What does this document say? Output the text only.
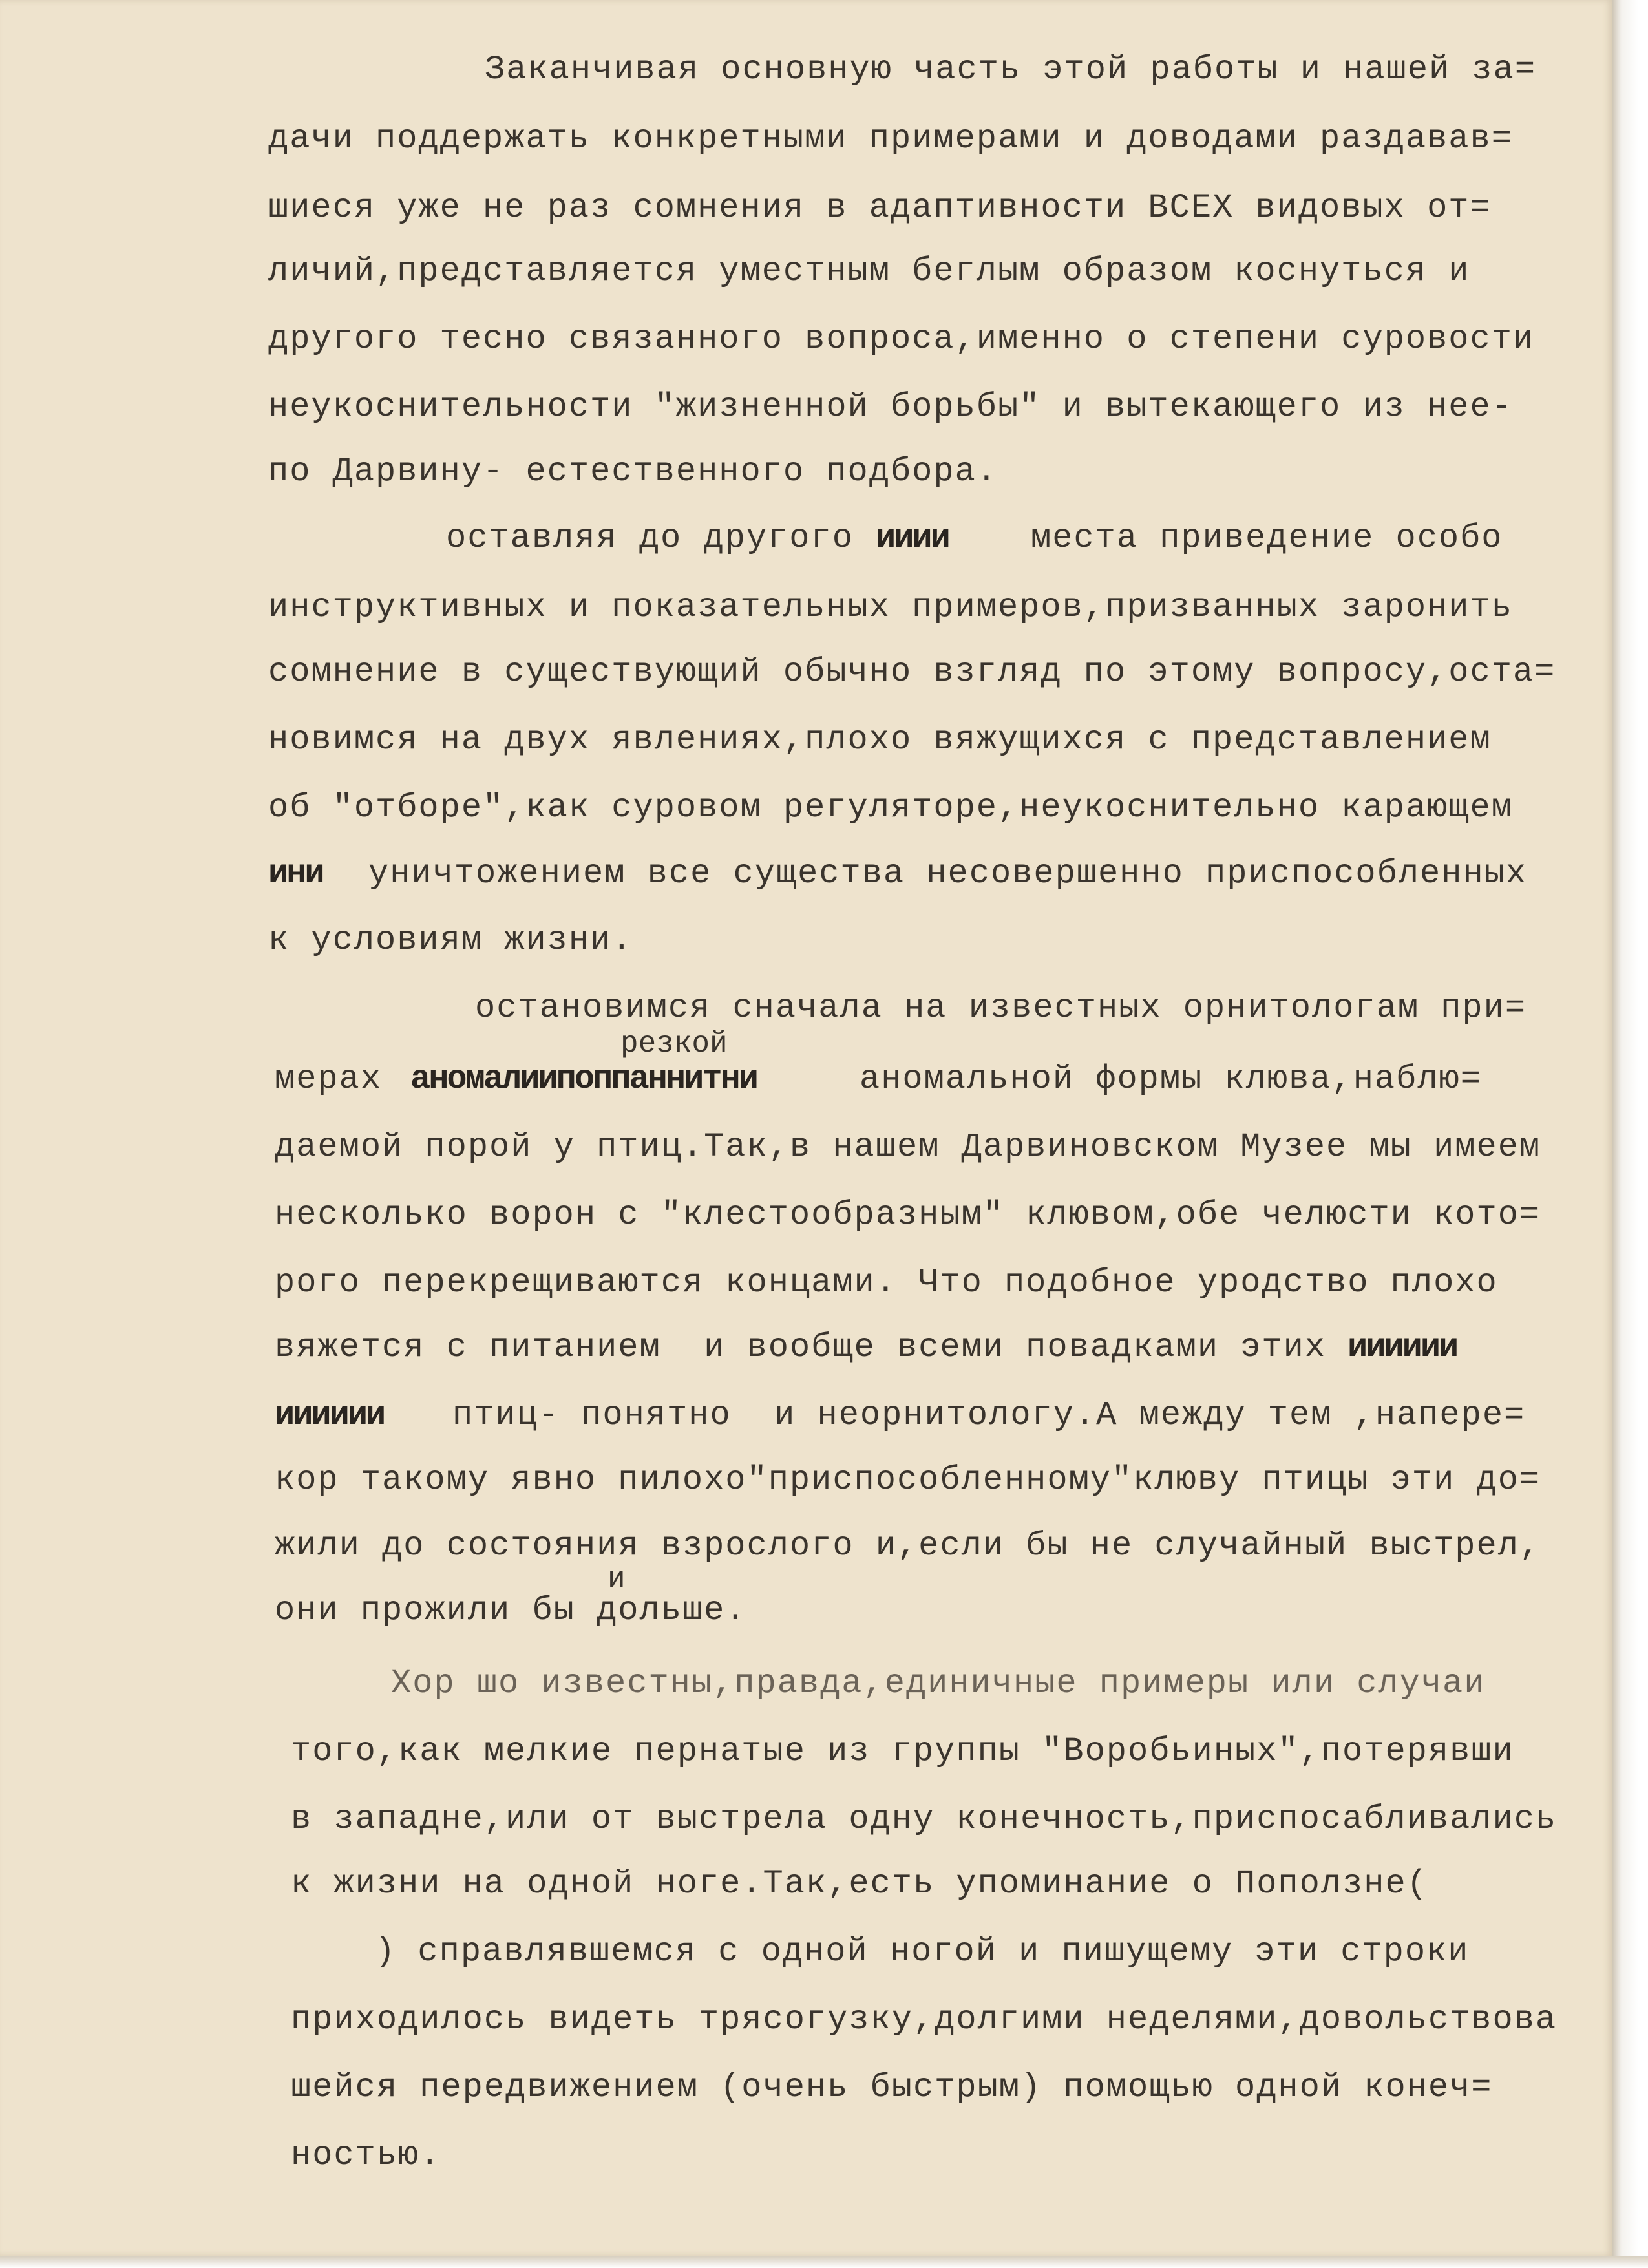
Заканчивая основную часть этой работы и нашей за=
дачи поддержать конкретными примерами и доводами раздавав=
шиеся уже не раз сомнения в адаптивности ВСЕХ видовых от=
личий,представляется уместным беглым образом коснуться и
другого тесно связанного вопроса,именно о степени суровости
неукоснительности "жизненной борьбы" и вытекающего из нее-
по Дарвину- естественного подбора.
оставляя до другого ииии места приведение особо
инструктивных и показательных примеров,призванных заронить
сомнение в существующий обычно взгляд по этому вопросу,оста=
новимся на двух явлениях,плохо вяжущихся с представлением
об "отборе",как суровом регуляторе,неукоснительно карающем
ини уничтожением все существа несовершенно приспособленных
к условиям жизни.
остановимся сначала на известных орнитологам при=
резкой
мерах аномалиипоппаннитни	аномальной формы клюва,наблю=
даемой порой у птиц.Так,в нашем Дарвиновском Музее мы имеем
несколько ворон с "клестообразным" клювом,обе челюсти кото=
рого перекрещиваются концами. Что подобное уродство плохо
вяжется с питанием  и вообще всеми повадками этих ииииии
ииииии птиц- понятно  и неорнитологу.А между тем ,напере=
кор такому явно пилохо"приспособленному"клюву птицы эти до=
жили до состояния взрослого и,если бы не случайный выстрел,
и
они прожили бы дольше.
Хор шо известны,правда,единичные примеры или случаи
того,как мелкие пернатые из группы "Воробьиных",потерявши
в западне,или от выстрела одну конечность,приспосабливались
к жизни на одной ноге.Так,есть упоминание о Поползне(
) справлявшемся с одной ногой и пишущему эти строки
приходилось видеть трясогузку,долгими неделями,довольствова
шейся передвижением (очень быстрым) помощью одной конеч=
ностью.
